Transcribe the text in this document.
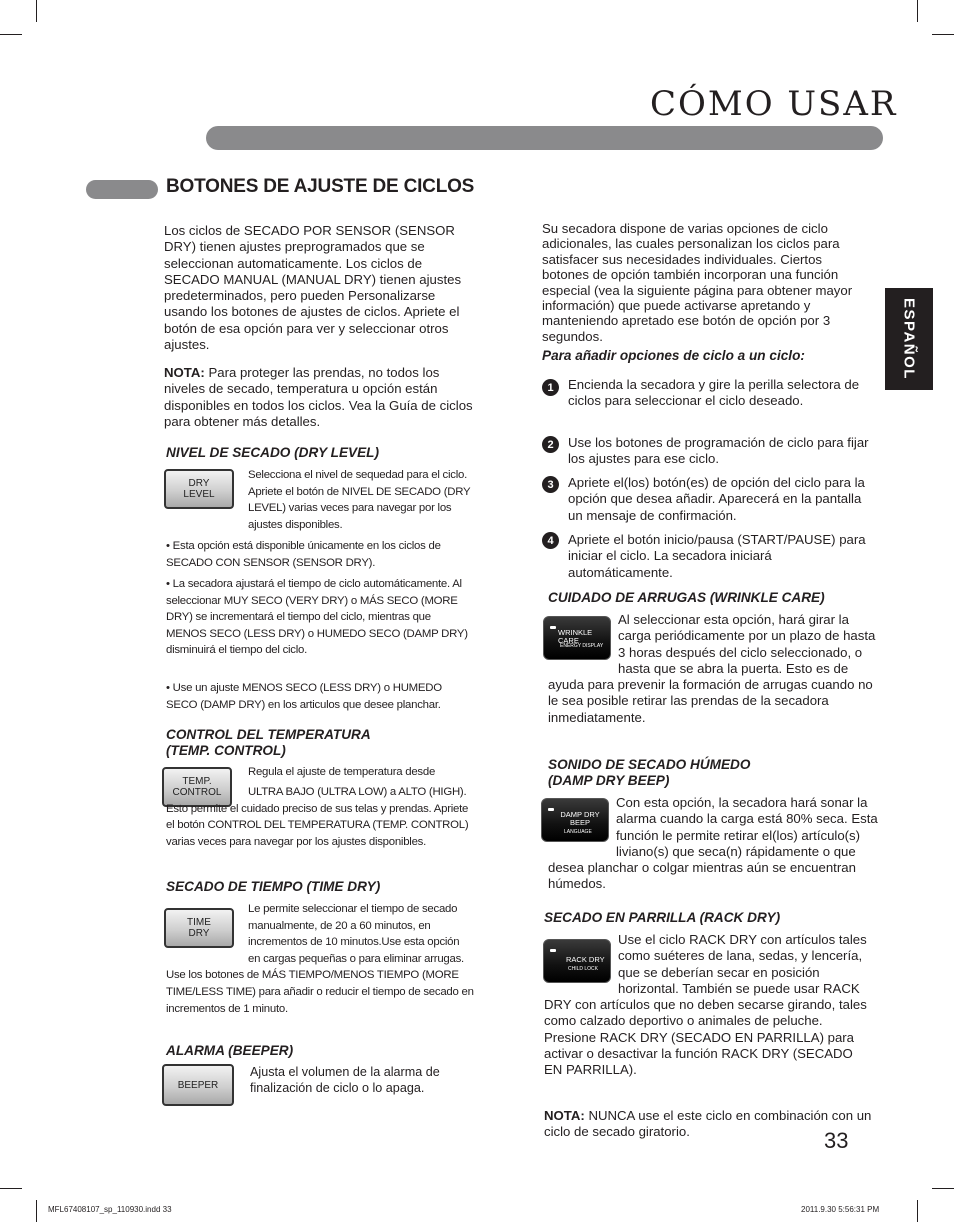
CÓMO USAR
BOTONES DE AJUSTE DE CICLOS
ESPAÑOL
Los ciclos de SECADO POR SENSOR (SENSOR DRY) tienen ajustes preprogramados que se seleccionan automaticamente. Los ciclos de SECADO MANUAL (MANUAL DRY) tienen ajustes predeterminados, pero pueden Personalizarse usando los botones de ajustes de ciclos. Apriete el botón de esa opción para ver y seleccionar otros ajustes.
NOTA: Para proteger las prendas, no todos los niveles de secado, temperatura u opción están disponibles en todos los ciclos. Vea la Guía de ciclos para obtener más detalles.
NIVEL DE SECADO (DRY LEVEL)
DRY LEVEL
Selecciona el nivel de sequedad para el ciclo. Apriete el botón de NIVEL DE SECADO (DRY LEVEL) varias veces para navegar por los ajustes disponibles.
• Esta opción está disponible únicamente en los ciclos de SECADO CON SENSOR (SENSOR DRY).
• La secadora ajustará el tiempo de ciclo automáticamente. Al seleccionar MUY SECO (VERY DRY) o MÁS SECO (MORE DRY) se incrementará el tiempo del ciclo, mientras que MENOS SECO (LESS DRY) o HUMEDO SECO (DAMP DRY) disminuirá el tiempo del ciclo.
• Use un ajuste MENOS SECO (LESS DRY) o HUMEDO SECO (DAMP DRY) en los articulos que desee planchar.
CONTROL DEL TEMPERATURA
(TEMP. CONTROL)
TEMP. CONTROL
Regula el ajuste de temperatura desde
ULTRA BAJO (ULTRA LOW) a ALTO (HIGH). Esto permite el cuidado preciso de sus telas y prendas. Apriete el botón CONTROL DEL TEMPERATURA (TEMP. CONTROL) varias veces para navegar por los ajustes disponibles.
SECADO DE TIEMPO (TIME DRY)
TIME DRY
Le permite seleccionar el tiempo de secado manualmente, de 20 a 60 minutos, en incrementos de 10 minutos.Use esta opción en cargas pequeñas o para eliminar arrugas. Use los botones de MÁS TIEMPO/MENOS TIEMPO (MORE TIME/LESS TIME) para añadir o reducir el tiempo de secado en incrementos de 1 minuto.
ALARMA (BEEPER)
BEEPER
Ajusta el volumen de la alarma de finalización de ciclo o lo apaga.
Su secadora dispone de varias opciones de ciclo adicionales, las cuales personalizan los ciclos para satisfacer sus necesidades individuales. Ciertos botones de opción también incorporan una función especial (vea la siguiente página para obtener mayor información) que puede activarse apretando y manteniendo apretado ese botón de opción por 3 segundos.
Para añadir opciones de ciclo a un ciclo:
1	Encienda la secadora y gire la perilla selectora de ciclos para seleccionar el ciclo deseado.
2	Use los botones de programación de ciclo para fijar los ajustes para ese ciclo.
3	Apriete el(los) botón(es) de opción del ciclo para la opción que desea añadir. Aparecerá en la pantalla un mensaje de confirmación.
4	Apriete el botón inicio/pausa (START/PAUSE) para iniciar el ciclo. La secadora iniciará automáticamente.
CUIDADO DE ARRUGAS (WRINKLE CARE)
WRINKLE CARE
ENERGY DISPLAY
Al seleccionar esta opción, hará girar la carga periódicamente por un plazo de hasta 3 horas después del ciclo seleccionado, o hasta que se abra la puerta. Esto es de ayuda para prevenir la formación de arrugas cuando no le sea posible retirar las prendas de la secadora inmediatamente.
SONIDO DE SECADO HÚMEDO
(DAMP DRY BEEP)
DAMP DRY BEEP
LANGUAGE
Con esta opción, la secadora hará sonar la alarma cuando la carga está 80% seca. Esta función le permite retirar el(los) artículo(s) liviano(s) que seca(n) rápidamente o que desea planchar o colgar mientras aún se encuentran húmedos.
SECADO EN PARRILLA (RACK DRY)
RACK DRY
CHILD LOCK
Use el ciclo RACK DRY con artículos tales como suéteres de lana, sedas, y lencería, que se deberían secar en posición horizontal. También se puede usar RACK DRY con artículos que no deben secarse girando, tales como calzado deportivo o animales de peluche. Presione RACK DRY (SECADO EN PARRILLA) para activar o desactivar la función RACK DRY (SECADO EN PARRILLA).
NOTA: NUNCA use el este ciclo en combinación con un ciclo de secado giratorio.	33
MFL67408107_sp_110930.indd 33	2011.9.30 5:56:31 PM
